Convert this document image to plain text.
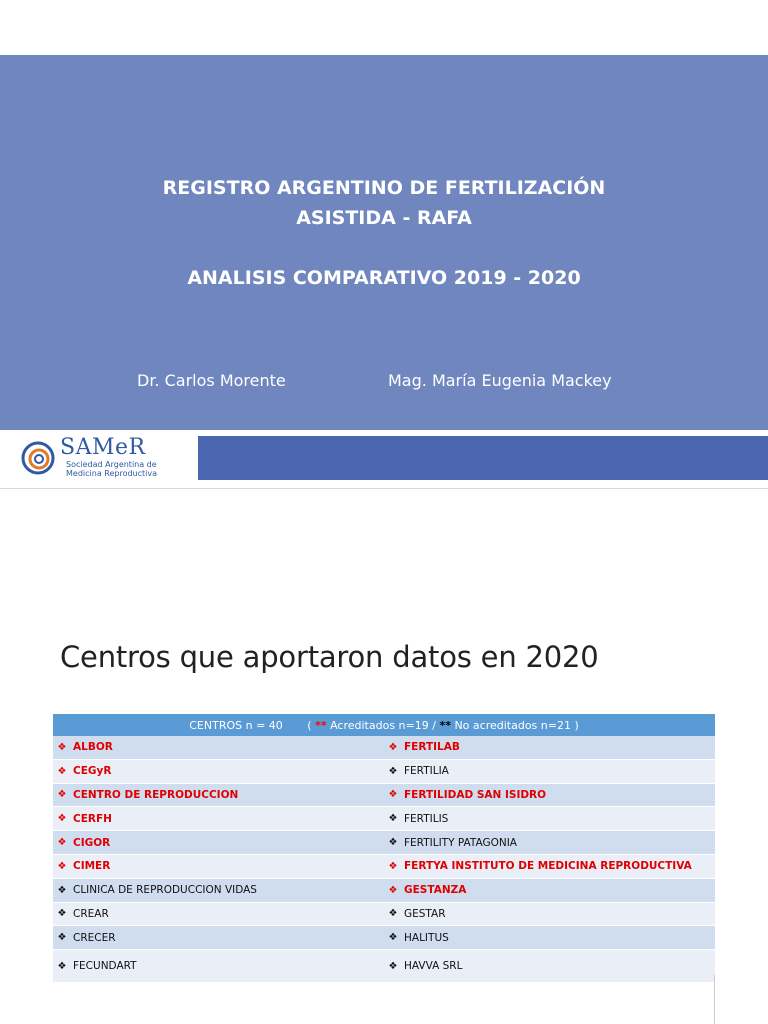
REGISTRO ARGENTINO DE FERTILIZACIÓN
ASISTIDA - RAFA
ANALISIS COMPARATIVO 2019 - 2020
Dr. Carlos Morente	Mag. María Eugenia Mackey
SAMeR
Sociedad Argentina de
Medicina Reproductiva
Centros que aportaron datos en 2020
CENTROS n = 40 ( ** Acreditados n=19 / ** No acreditados n=21 )	

❖ ALBOR	❖ FERTILAB

❖ CEGyR	❖ FERTILIA

❖ CENTRO DE REPRODUCCION	❖ FERTILIDAD SAN ISIDRO

❖ CERFH	❖ FERTILIS

❖ CIGOR	❖ FERTILITY PATAGONIA

❖ CIMER	❖ FERTYA INSTITUTO DE MEDICINA REPRODUCTIVA

❖ CLINICA DE REPRODUCCION VIDAS	❖ GESTANZA

❖ CREAR	❖ GESTAR

❖ CRECER	❖ HALITUS

❖ FECUNDART	❖ HAVVA SRL
